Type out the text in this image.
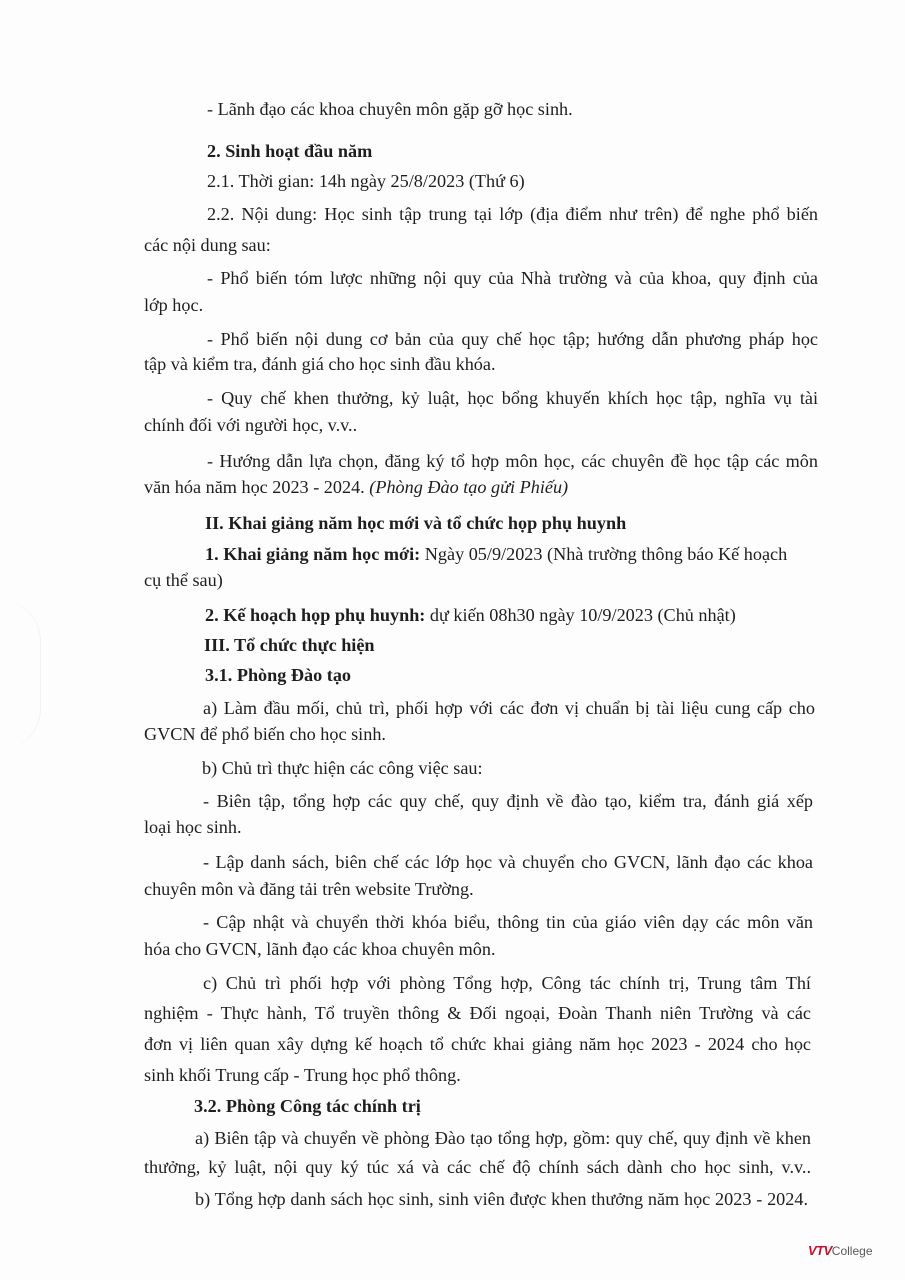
- Lãnh đạo các khoa chuyên môn gặp gỡ học sinh.
2. Sinh hoạt đầu năm
2.1. Thời gian: 14h ngày 25/8/2023 (Thứ 6)
2.2. Nội dung: Học sinh tập trung tại lớp (địa điểm như trên) để nghe phổ biến
các nội dung sau:
- Phổ biến tóm lược những nội quy của Nhà trường và của khoa, quy định của
lớp học.
- Phổ biến nội dung cơ bản của quy chế học tập; hướng dẫn phương pháp học
tập và kiểm tra, đánh giá cho học sinh đầu khóa.
- Quy chế khen thưởng, kỷ luật, học bổng khuyến khích học tập, nghĩa vụ tài
chính đối với người học, v.v..
- Hướng dẫn lựa chọn, đăng ký tổ hợp môn học, các chuyên đề học tập các môn
văn hóa năm học 2023 - 2024. (Phòng Đào tạo gửi Phiếu)
II. Khai giảng năm học mới và tổ chức họp phụ huynh
1. Khai giảng năm học mới: Ngày 05/9/2023 (Nhà trường thông báo Kế hoạch
cụ thể sau)
2. Kế hoạch họp phụ huynh: dự kiến 08h30 ngày 10/9/2023 (Chủ nhật)
III. Tổ chức thực hiện
3.1. Phòng Đào tạo
a) Làm đầu mối, chủ trì, phối hợp với các đơn vị chuẩn bị tài liệu cung cấp cho
GVCN để phổ biến cho học sinh.
b) Chủ trì thực hiện các công việc sau:
- Biên tập, tổng hợp các quy chế, quy định về đào tạo, kiểm tra, đánh giá xếp
loại học sinh.
- Lập danh sách, biên chế các lớp học và chuyển cho GVCN, lãnh đạo các khoa
chuyên môn và đăng tải trên website Trường.
- Cập nhật và chuyển thời khóa biểu, thông tin của giáo viên dạy các môn văn
hóa cho GVCN, lãnh đạo các khoa chuyên môn.
c) Chủ trì phối hợp với phòng Tổng hợp, Công tác chính trị, Trung tâm Thí
nghiệm - Thực hành, Tổ truyền thông & Đối ngoại, Đoàn Thanh niên Trường và các
đơn vị liên quan xây dựng kế hoạch tổ chức khai giảng năm học 2023 - 2024 cho học
sinh khối Trung cấp - Trung học phổ thông.
3.2. Phòng Công tác chính trị
a) Biên tập và chuyển về phòng Đào tạo tổng hợp, gồm: quy chế, quy định về khen
thưởng, kỷ luật, nội quy ký túc xá và các chế độ chính sách dành cho học sinh, v.v..
b) Tổng hợp danh sách học sinh, sinh viên được khen thưởng năm học 2023 - 2024.
VTVCollege
